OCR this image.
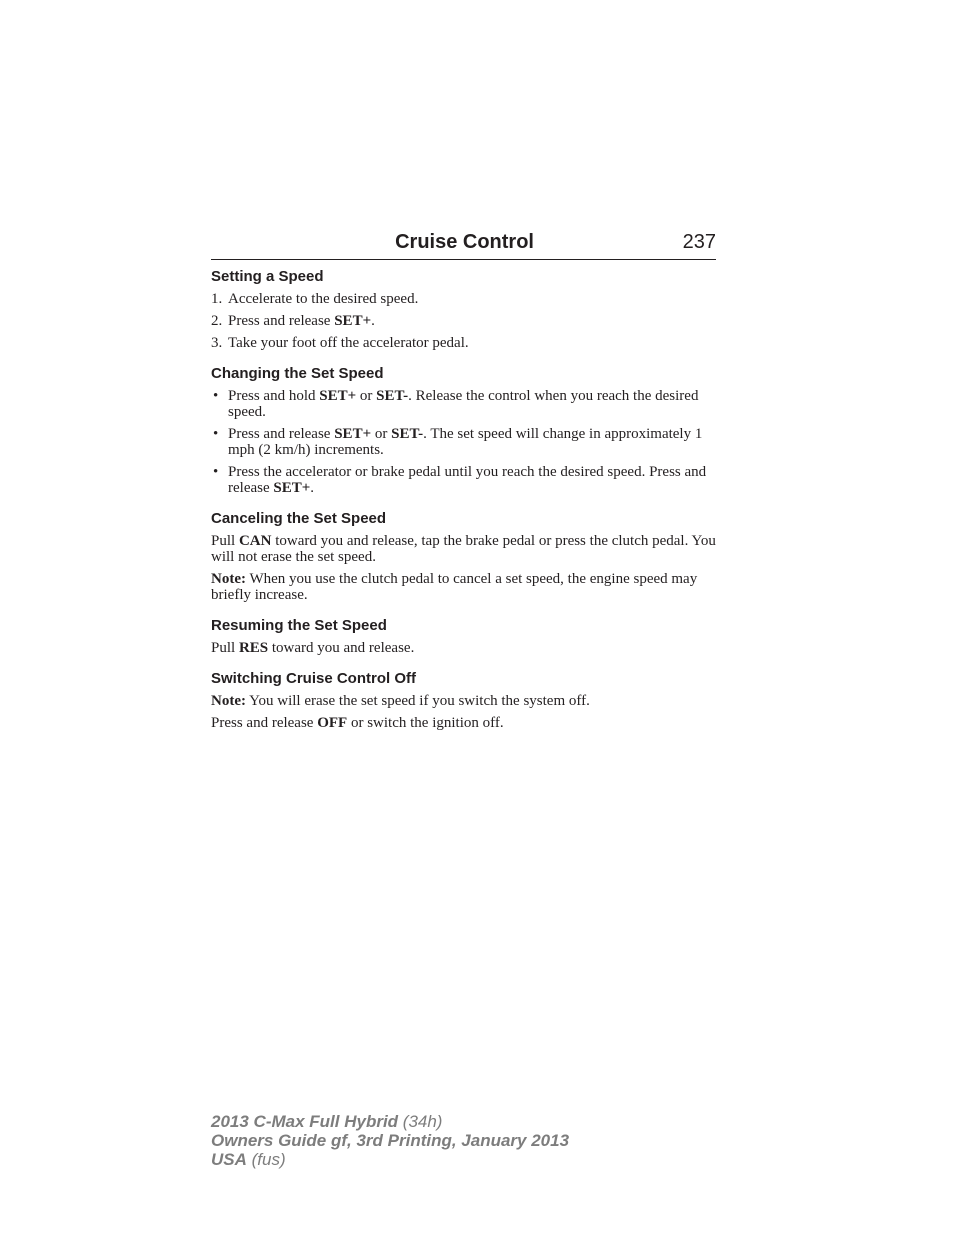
Cruise Control	237
Setting a Speed
1. Accelerate to the desired speed.
2. Press and release SET+.
3. Take your foot off the accelerator pedal.
Changing the Set Speed
• Press and hold SET+ or SET-. Release the control when you reach the desired speed.
• Press and release SET+ or SET-. The set speed will change in approximately 1 mph (2 km/h) increments.
• Press the accelerator or brake pedal until you reach the desired speed. Press and release SET+.
Canceling the Set Speed

Pull CAN toward you and release, tap the brake pedal or press the clutch pedal. You will not erase the set speed.

Note: When you use the clutch pedal to cancel a set speed, the engine speed may briefly increase.

Resuming the Set Speed

Pull RES toward you and release.

Switching Cruise Control Off

Note: You will erase the set speed if you switch the system off.

Press and release OFF or switch the ignition off.

2013 C-Max Full Hybrid (34h)
Owners Guide gf, 3rd Printing, January 2013
USA (fus)
